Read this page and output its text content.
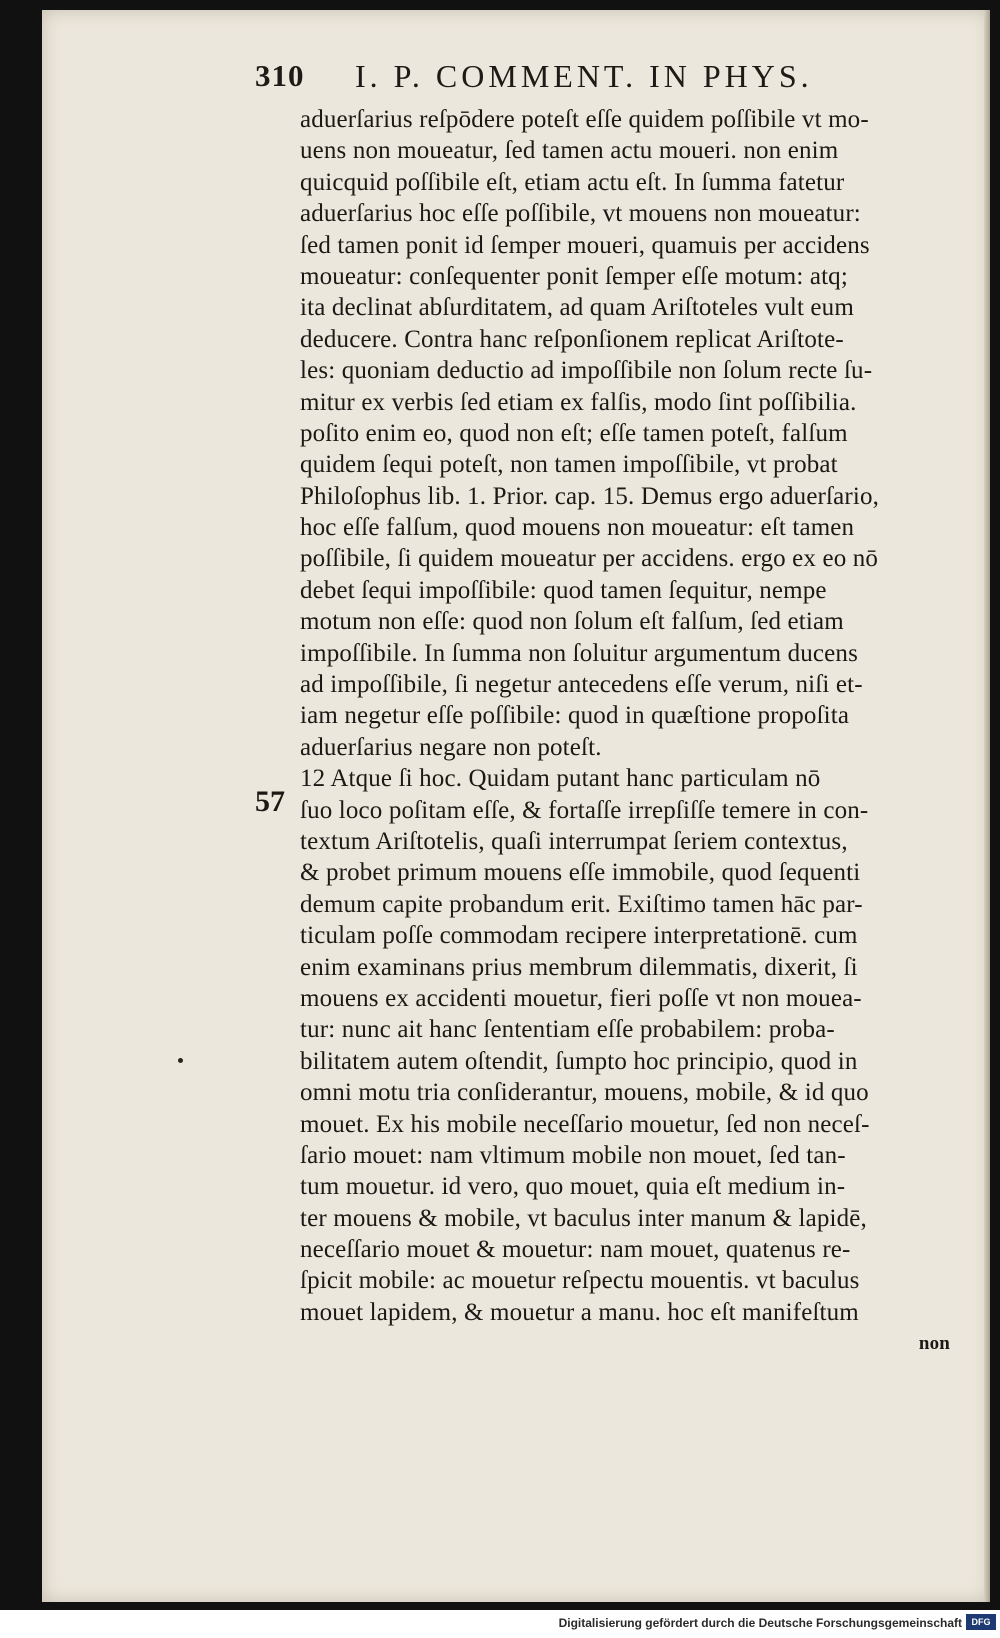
310 I. P. COMMENT. IN PHYS.
57
aduerſarius reſpōdere poteſt eſſe quidem poſſibile vt mo-
uens non moueatur, ſed tamen actu moueri. non enim
quicquid poſſibile eſt, etiam actu eſt. In ſumma fatetur
aduerſarius hoc eſſe poſſibile, vt mouens non moueatur:
ſed tamen ponit id ſemper moueri, quamuis per accidens
moueatur: conſequenter ponit ſemper eſſe motum: atq;
ita declinat abſurditatem, ad quam Ariſtoteles vult eum
deducere. Contra hanc reſponſionem replicat Ariſtote-
les: quoniam deductio ad impoſſibile non ſolum recte ſu-
mitur ex verbis ſed etiam ex falſis, modo ſint poſſibilia.
poſito enim eo, quod non eſt; eſſe tamen poteſt, falſum
quidem ſequi poteſt, non tamen impoſſibile, vt probat
Philoſophus lib. 1. Prior. cap. 15. Demus ergo aduerſario,
hoc eſſe falſum, quod mouens non moueatur: eſt tamen
poſſibile, ſi quidem moueatur per accidens. ergo ex eo nō
debet ſequi impoſſibile: quod tamen ſequitur, nempe
motum non eſſe: quod non ſolum eſt falſum, ſed etiam
impoſſibile. In ſumma non ſoluitur argumentum ducens
ad impoſſibile, ſi negetur antecedens eſſe verum, niſi et-
iam negetur eſſe poſſibile: quod in quæſtione propoſita
aduerſarius negare non poteſt.
12 Atque ſi hoc. Quidam putant hanc particulam nō
ſuo loco poſitam eſſe, & fortaſſe irrepſiſſe temere in con-
textum Ariſtotelis, quaſi interrumpat ſeriem contextus,
& probet primum mouens eſſe immobile, quod ſequenti
demum capite probandum erit. Exiſtimo tamen hāc par-
ticulam poſſe commodam recipere interpretationē. cum
enim examinans prius membrum dilemmatis, dixerit, ſi
mouens ex accidenti mouetur, fieri poſſe vt non mouea-
tur: nunc ait hanc ſententiam eſſe probabilem: proba-
bilitatem autem oſtendit, ſumpto hoc principio, quod in
omni motu tria conſiderantur, mouens, mobile, & id quo
mouet. Ex his mobile neceſſario mouetur, ſed non neceſ-
ſario mouet: nam vltimum mobile non mouet, ſed tan-
tum mouetur. id vero, quo mouet, quia eſt medium in-
ter mouens & mobile, vt baculus inter manum & lapidē,
neceſſario mouet & mouetur: nam mouet, quatenus re-
ſpicit mobile: ac mouetur reſpectu mouentis. vt baculus
mouet lapidem, & mouetur a manu. hoc eſt manifeſtum
non
Digitalisierung gefördert durch die Deutsche Forschungsgemeinschaft	DFG
